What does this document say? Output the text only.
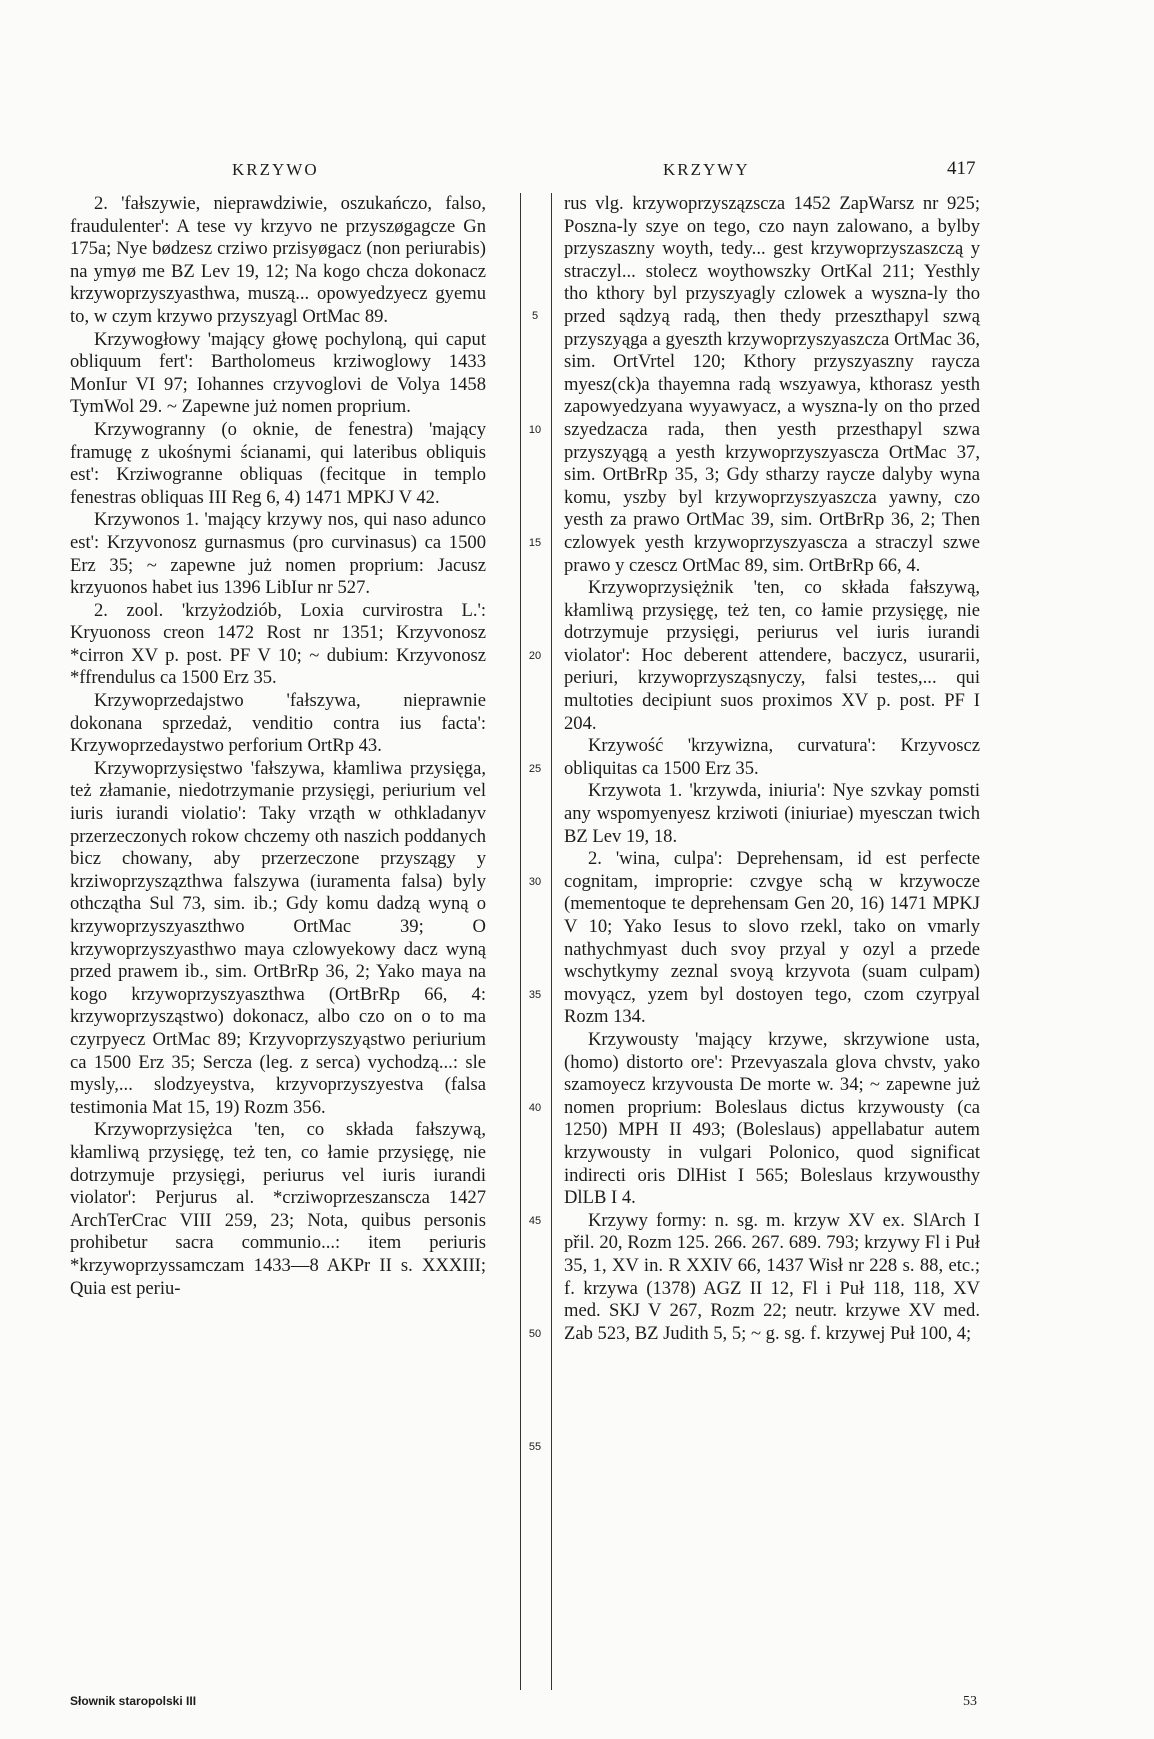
KRZYWO	KRZYWY	417

2. 'fałszywie, nieprawdziwie, oszukańczo, falso, fraudulenter': A tese vy krzyvo ne przyszøgagcze Gn 175a; Nye bødzesz crziwo przisyøgacz (non periurabis) na ymyø me BZ Lev 19, 12; Na kogo chcza dokonacz krzywoprzyszyasthwa, muszą... opowyedzyecz gyemu to, w czym krzywo przyszyagl OrtMac 89.

Krzywogłowy 'mający głowę pochyloną, qui caput obliquum fert': Bartholomeus krziwoglowy 1433 MonIur VI 97; Iohannes crzyvoglovi de Volya 1458 TymWol 29. ~ Zapewne już nomen proprium.

Krzywogranny (o oknie, de fenestra) 'mający framugę z ukośnymi ścianami, qui lateribus obliquis est': Krziwogranne obliquas (fecitque in templo fenestras obliquas III Reg 6, 4) 1471 MPKJ V 42.

Krzywonos 1. 'mający krzywy nos, qui naso adunco est': Krzyvonosz gurnasmus (pro curvinasus) ca 1500 Erz 35; ~ zapewne już nomen proprium: Jacusz krzyuonos habet ius 1396 LibIur nr 527.

2. zool. 'krzyżodziób, Loxia curvirostra L.': Kryuonoss creon 1472 Rost nr 1351; Krzyvonosz *cirron XV p. post. PF V 10; ~ dubium: Krzyvonosz *ffrendulus ca 1500 Erz 35.

Krzywoprzedajstwo 'fałszywa, nieprawnie dokonana sprzedaż, venditio contra ius facta': Krzywoprzedaystwo perforium OrtRp 43.

Krzywoprzysięstwo 'fałszywa, kłamliwa przysięga, też złamanie, niedotrzymanie przysięgi, periurium vel iuris iurandi violatio': Taky vrząth w othkladanyv przerzeczonych rokow chczemy oth naszich poddanych bicz chowany, aby przerzeczone przyszągy y krziwoprzyszązthwa falszywa (iuramenta falsa) byly othczątha Sul 73, sim. ib.; Gdy komu dadzą wyną o krzywoprzyszyaszthwo OrtMac 39; O krzywoprzyszyasthwo maya czlowyekowy dacz wyną przed prawem ib., sim. OrtBrRp 36, 2; Yako maya na kogo krzywoprzyszyaszthwa (OrtBrRp 66, 4: krzywoprzysząstwo) dokonacz, albo czo on o to ma czyrpyecz OrtMac 89; Krzyvoprzyszyąstwo periurium ca 1500 Erz 35; Sercza (leg. z serca) vychodzą...: sle mysly,... slodzyeystva, krzyvoprzyszyestva (falsa testimonia Mat 15, 19) Rozm 356.

Krzywoprzysiężca 'ten, co składa fałszywą, kłamliwą przysięgę, też ten, co łamie przysięgę, nie dotrzymuje przysięgi, periurus vel iuris iurandi violator': Perjurus al. *crziwoprzeszanscza 1427 ArchTerCrac VIII 259, 23; Nota, quibus personis prohibetur sacra communio...: item periuris *krzywoprzyssamczam 1433—8 AKPr II s. XXXIII; Quia est periu-

5
10
15
20
25
30
35
40
45
50
55

rus vlg. krzywoprzyszązscza 1452 ZapWarsz nr 925; Poszna-ly szye on tego, czo nayn zalowano, a bylby przyszaszny woyth, tedy... gest krzywoprzyszaszczą y straczyl... stolecz woythowszky OrtKal 211; Yesthly tho kthory byl przyszyagly czlowek a wyszna-ly tho przed sądzyą radą, then thedy przeszthapyl szwą przyszyąga a gyeszth krzywoprzyszyaszcza OrtMac 36, sim. OrtVrtel 120; Kthory przyszyaszny raycza myesz(ck)a thayemna radą wszyawya, kthorasz yesth zapowyedzyana wyyawyacz, a wyszna-ly on tho przed szyedzacza rada, then yesth przesthapyl szwa przyszyągą a yesth krzywoprzyszyascza OrtMac 37, sim. OrtBrRp 35, 3; Gdy stharzy raycze dalyby wyna komu, yszby byl krzywoprzyszyaszcza yawny, czo yesth za prawo OrtMac 39, sim. OrtBrRp 36, 2; Then czlowyek yesth krzywoprzyszyascza a straczyl szwe prawo y czescz OrtMac 89, sim. OrtBrRp 66, 4.

Krzywoprzysiężnik 'ten, co składa fałszywą, kłamliwą przysięgę, też ten, co łamie przysięgę, nie dotrzymuje przysięgi, periurus vel iuris iurandi violator': Hoc deberent attendere, baczycz, usurarii, periuri, krzywoprzysząsnyczy, falsi testes,... qui multoties decipiunt suos proximos XV p. post. PF I 204.

Krzywość 'krzywizna, curvatura': Krzyvoscz obliquitas ca 1500 Erz 35.

Krzywota 1. 'krzywda, iniuria': Nye szvkay pomsti any wspomyenyesz krziwoti (iniuriae) myesczan twich BZ Lev 19, 18.

2. 'wina, culpa': Deprehensam, id est perfecte cognitam, improprie: czvgye schą w krzywocze (mementoque te deprehensam Gen 20, 16) 1471 MPKJ V 10; Yako Iesus to slovo rzekl, tako on vmarly nathychmyast duch svoy przyal y ozyl a przede wschytkymy zeznal svoyą krzyvota (suam culpam) movyącz, yzem byl dostoyen tego, czom czyrpyal Rozm 134.

Krzywousty 'mający krzywe, skrzywione usta, (homo) distorto ore': Przevyaszala glova chvstv, yako szamoyecz krzyvousta De morte w. 34; ~ zapewne już nomen proprium: Boleslaus dictus krzywousty (ca 1250) MPH II 493; (Boleslaus) appellabatur autem krzywousty in vulgari Polonico, quod significat indirecti oris DlHist I 565; Boleslaus krzywousthy DlLB I 4.

Krzywy formy: n. sg. m. krzyw XV ex. SlArch I přil. 20, Rozm 125. 266. 267. 689. 793; krzywy Fl i Puł 35, 1, XV in. R XXIV 66, 1437 Wisł nr 228 s. 88, etc.; f. krzywa (1378) AGZ II 12, Fl i Puł 118, 118, XV med. SKJ V 267, Rozm 22; neutr. krzywe XV med. Zab 523, BZ Judith 5, 5; ~ g. sg. f. krzywej Puł 100, 4;

Słownik staropolski III	53
